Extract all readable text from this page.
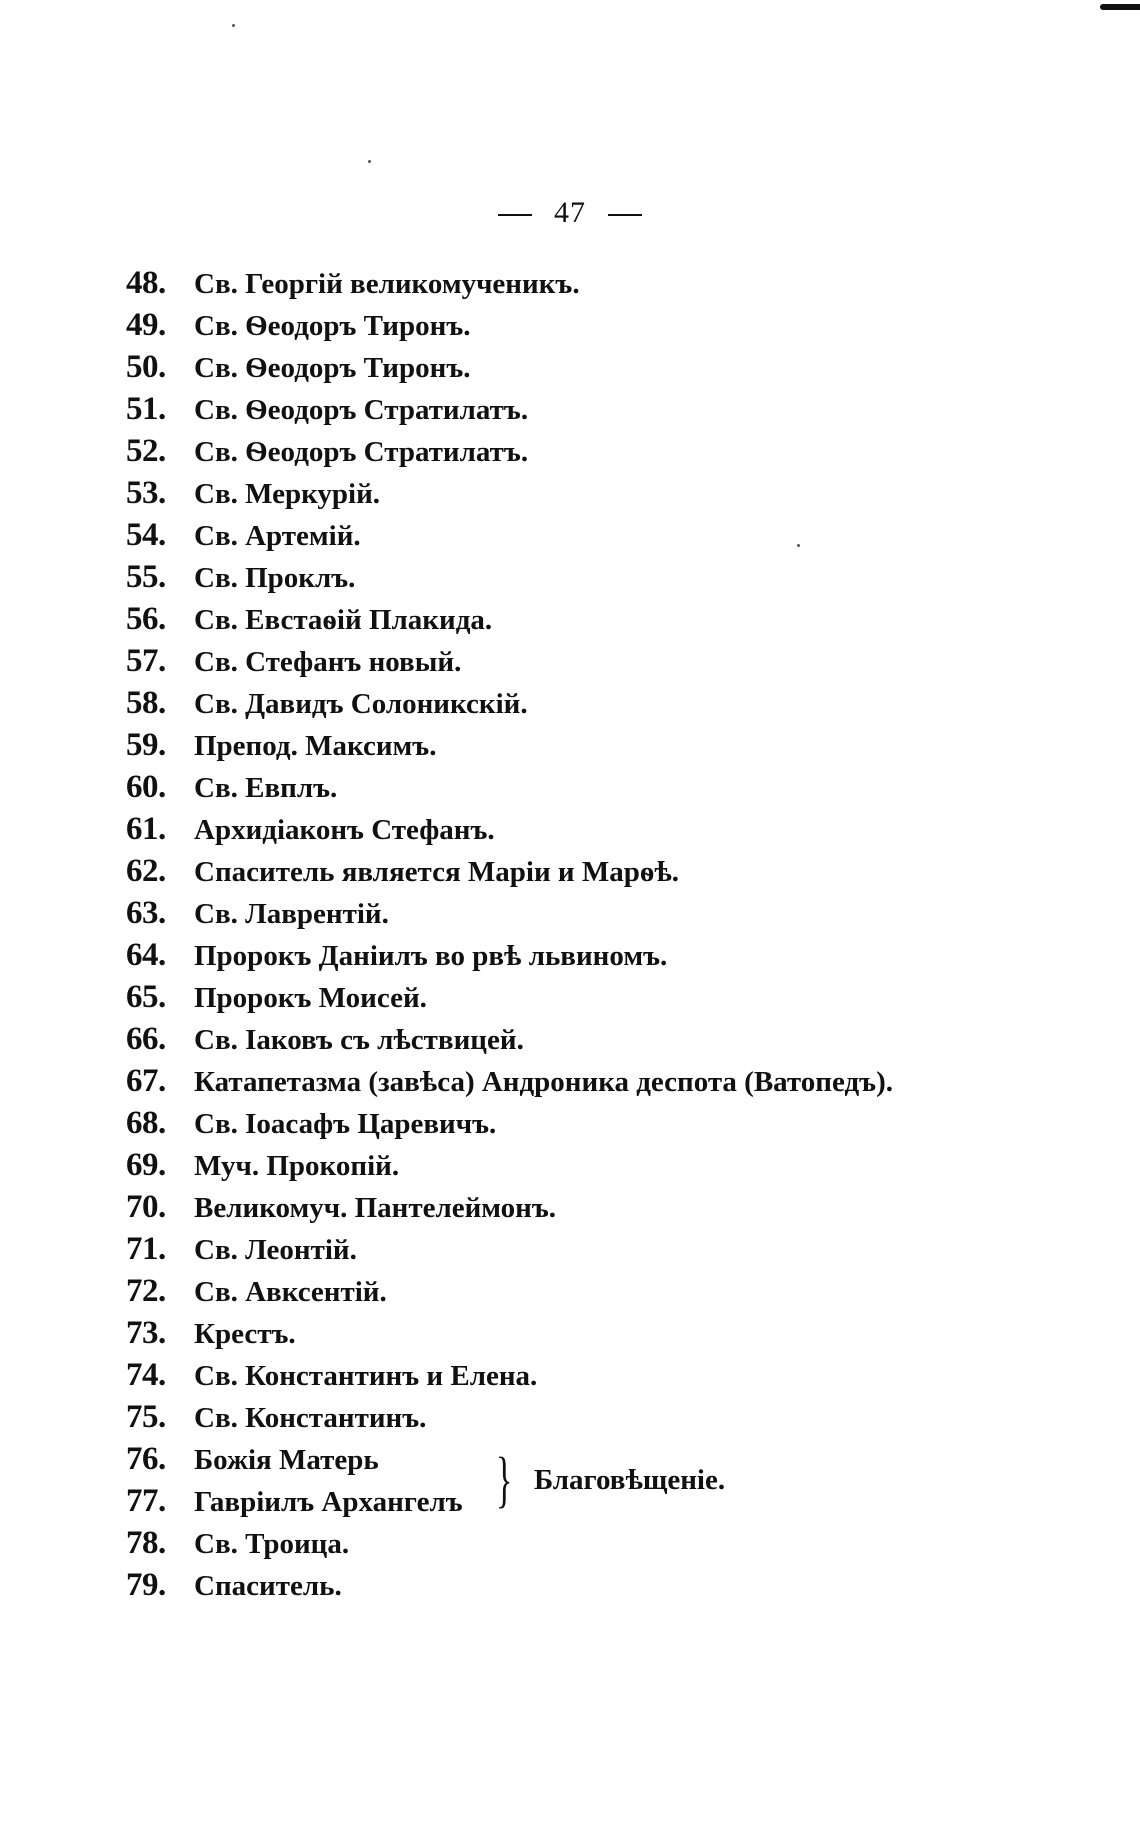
47
48. Св. Георгій великомученикъ.
49. Св. Ѳеодоръ Тиронъ.
50. Св. Ѳеодоръ Тиронъ.
51. Св. Ѳеодоръ Стратилатъ.
52. Св. Ѳеодоръ Стратилатъ.
53. Св. Меркурій.
54. Св. Артемій.
55. Св. Проклъ.
56. Св. Евстаѳій Плакида.
57. Св. Стефанъ новый.
58. Св. Давидъ Солоникскій.
59. Препод. Максимъ.
60. Св. Евплъ.
61. Архидіаконъ Стефанъ.
62. Спаситель является Маріи и Марѳѣ.
63. Св. Лаврентій.
64. Пророкъ Даніилъ во рвѣ львиномъ.
65. Пророкъ Моисей.
66. Св. Іаковъ съ лѣствицей.
67. Катапетазма (завѣса) Андроника деспота (Ватопедъ).
68. Св. Іоасафъ Царевичъ.
69. Муч. Прокопій.
70. Великомуч. Пантелеймонъ.
71. Св. Леонтій.
72. Св. Авксентій.
73. Крестъ.
74. Св. Константинъ и Елена.
75. Св. Константинъ.
76. Божія Матерь
77. Гавріилъ Архангелъ } Благовѣщеніе.
78. Св. Троица.
79. Спаситель.
